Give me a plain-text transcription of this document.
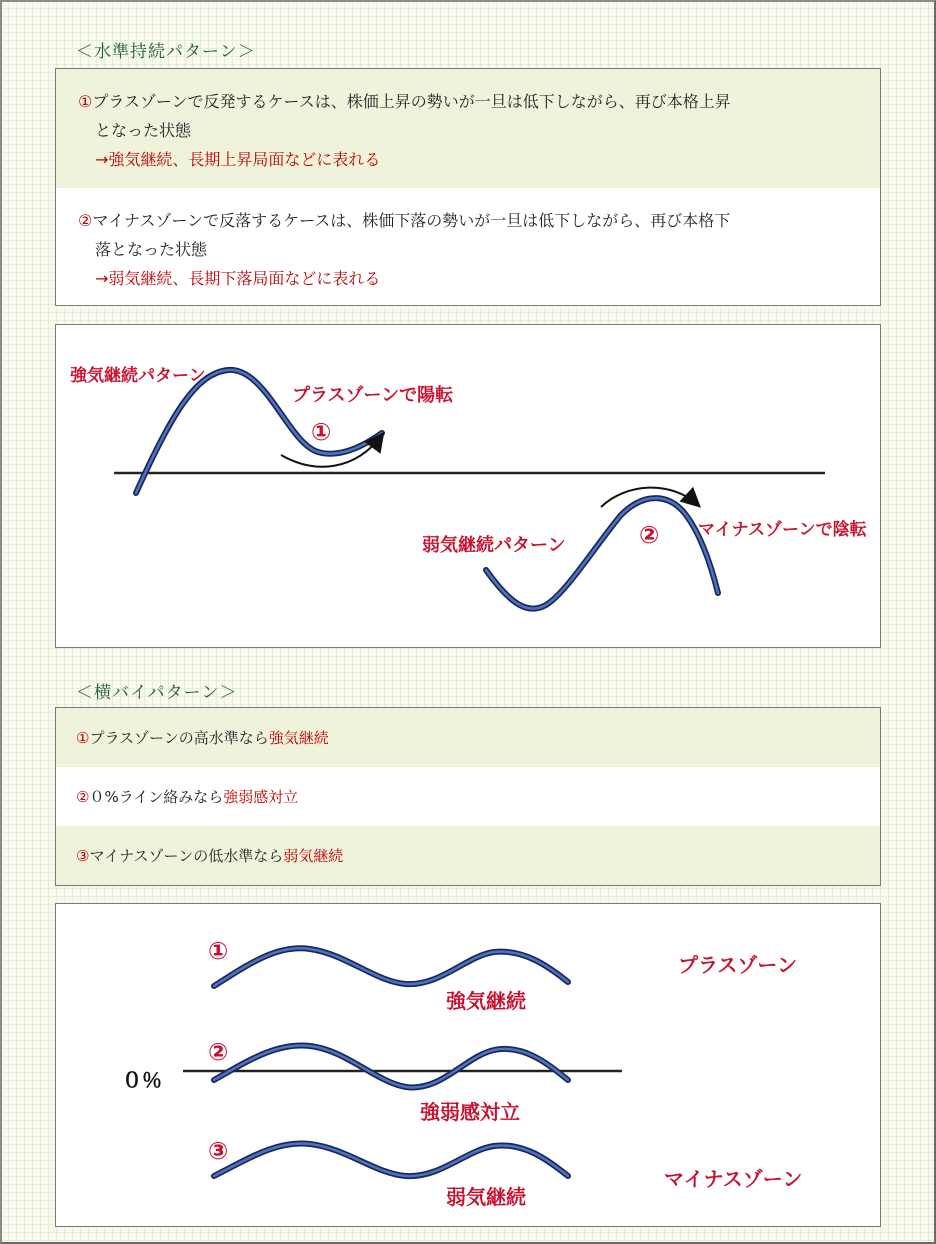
＜水準持続パターン＞
①プラスゾーンで反発するケースは、株価上昇の勢いが一旦は低下しながら、再び本格上昇
となった状態
→強気継続、長期上昇局面などに表れる
②マイナスゾーンで反落するケースは、株価下落の勢いが一旦は低下しながら、再び本格下
落となった状態
→弱気継続、長期下落局面などに表れる
強気継続パターン
プラスゾーンで陽転
①
弱気継続パターン	② マイナスゾーンで陰転
＜横バイパターン＞
① プラスゾーンの高水準なら 強気継続
② ０%ライン絡みなら 強弱感対立
③ マイナスゾーンの低水準なら 弱気継続
①
強気継続
②
強弱感対立
③
弱気継続
０％
プラスゾーン
マイナスゾーン
